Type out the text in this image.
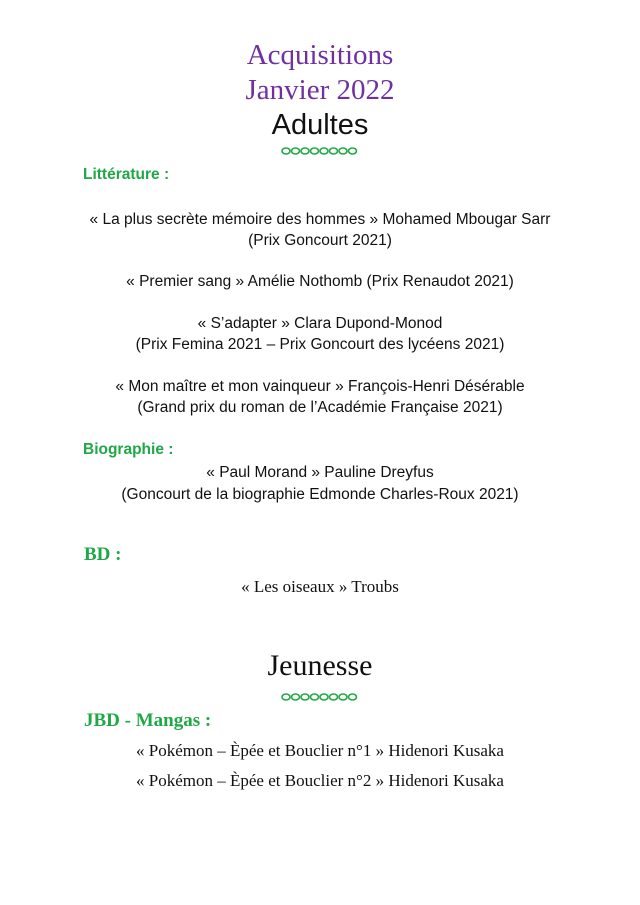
Acquisitions
Janvier 2022
Adultes
Littérature :
« La plus secrète mémoire des hommes » Mohamed Mbougar Sarr
(Prix Goncourt 2021)
« Premier sang » Amélie Nothomb (Prix Renaudot 2021)
« S’adapter » Clara Dupond-Monod
(Prix Femina 2021 – Prix Goncourt des lycéens 2021)
« Mon maître et mon vainqueur » François-Henri Désérable
(Grand prix du roman de l’Académie Française 2021)
Biographie :
« Paul Morand » Pauline Dreyfus
(Goncourt de la biographie Edmonde Charles-Roux 2021)
BD :
« Les oiseaux » Troubs
Jeunesse
JBD - Mangas :
« Pokémon – Èpée et Bouclier n°1 » Hidenori Kusaka
« Pokémon – Èpée et Bouclier n°2 » Hidenori Kusaka
